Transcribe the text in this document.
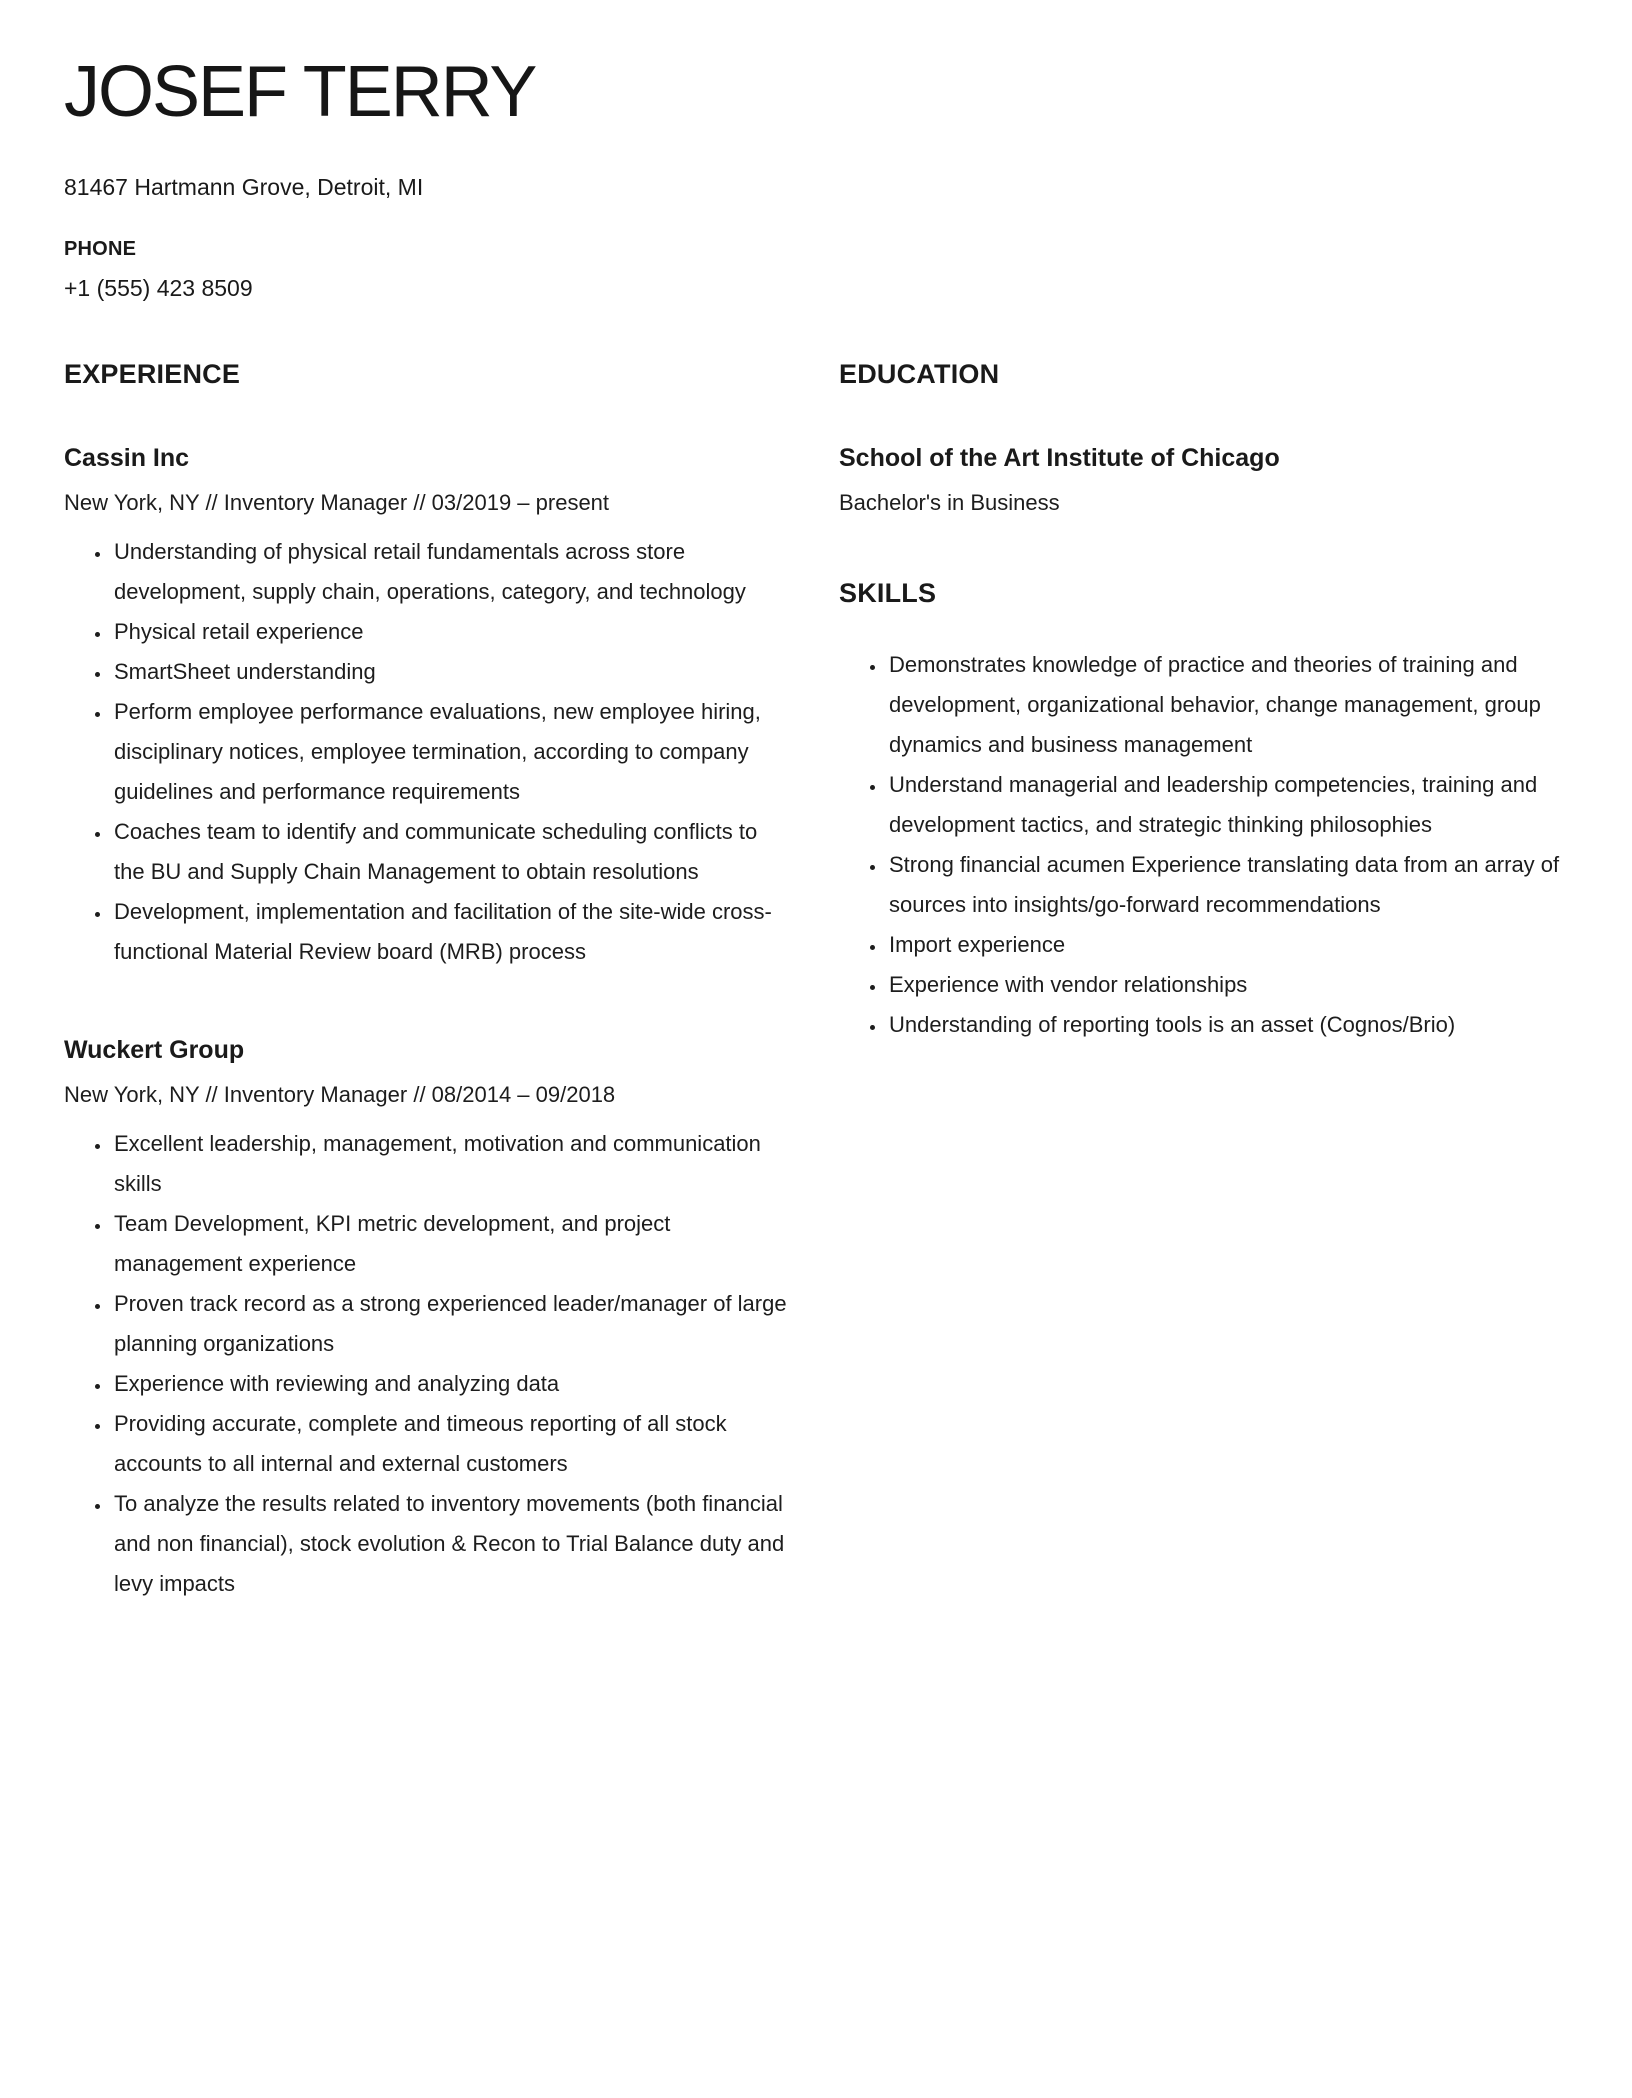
JOSEF TERRY

81467 Hartmann Grove, Detroit, MI

PHONE

+1 (555) 423 8509

EXPERIENCE
Cassin Inc

New York, NY // Inventory Manager // 03/2019 – present

• Understanding of physical retail fundamentals across store development, supply chain, operations, category, and technology
• Physical retail experience
• SmartSheet understanding
• Perform employee performance evaluations, new employee hiring, disciplinary notices, employee termination, according to company guidelines and performance requirements
• Coaches team to identify and communicate scheduling conflicts to the BU and Supply Chain Management to obtain resolutions
• Development, implementation and facilitation of the site-wide cross-functional Material Review board (MRB) process
Wuckert Group

New York, NY // Inventory Manager // 08/2014 – 09/2018

• Excellent leadership, management, motivation and communication skills
• Team Development, KPI metric development, and project management experience
• Proven track record as a strong experienced leader/manager of large planning organizations
• Experience with reviewing and analyzing data
• Providing accurate, complete and timeous reporting of all stock accounts to all internal and external customers
• To analyze the results related to inventory movements (both financial and non financial), stock evolution & Recon to Trial Balance duty and levy impacts
EDUCATION
School of the Art Institute of Chicago

Bachelor's in Business

SKILLS
• Demonstrates knowledge of practice and theories of training and development, organizational behavior, change management, group dynamics and business management
• Understand managerial and leadership competencies, training and development tactics, and strategic thinking philosophies
• Strong financial acumen Experience translating data from an array of sources into insights/go-forward recommendations
• Import experience
• Experience with vendor relationships
• Understanding of reporting tools is an asset (Cognos/Brio)
